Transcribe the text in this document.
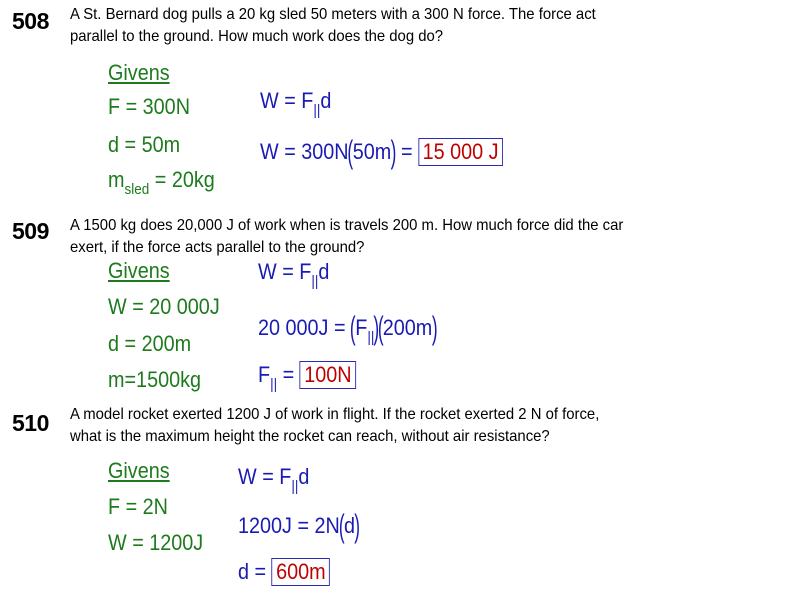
508 A St. Bernard dog pulls a 20 kg sled 50 meters with a 300 N force. The force act
parallel to the ground. How much work does the dog do?
Givens
F = 300N
d = 50m
$m_{sled} = 20kg$
$W = F_{||}d$
W = 300N(50m) = 15 000 J
509 A 1500 kg does 20,000 J of work when is travels 200 m. How much force did the car
exert, if the force acts parallel to the ground?
Givens
W = 20 000J
d = 200m
m=1500kg
$W = F_{||}d$
20 $000J = (F_{||})(200m)$
$F_{||} = 100N$
510 A model rocket exerted 1200 J of work in flight. If the rocket exerted 2 N of force,
what is the maximum height the rocket can reach, without air resistance?
Givens
F = 2N
W = 1200J
$W = F_{||}d$
1200J = 2N(d)
d = 600m
